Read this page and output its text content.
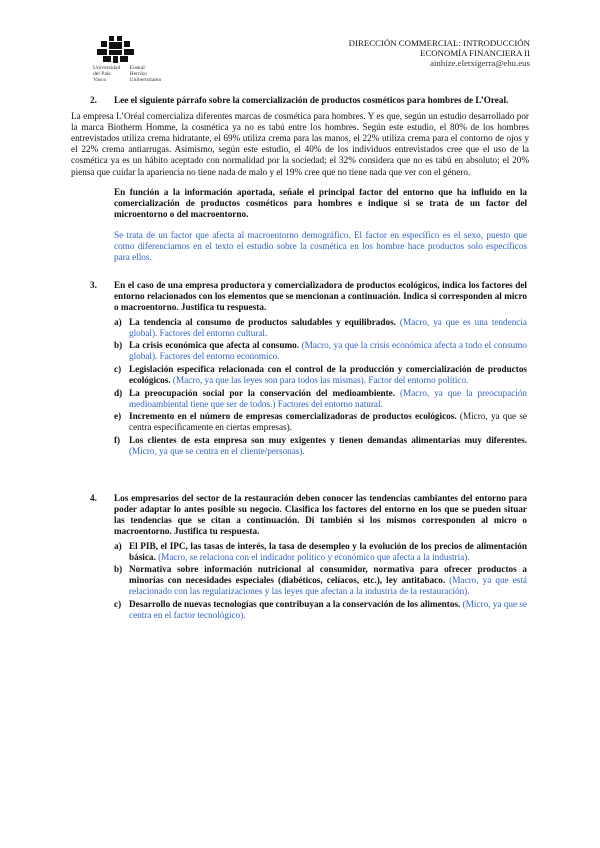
Universidad del País Vasco
Euskal Herriko Unibertsitatea
DIRECCIÓN COMMERCIAL: INTRODUCCIÓN
ECONOMÍA FINANCIERA II
ainhize.eletxigerra@ehu.eus
2.	Lee el siguiente párrafo sobre la comercialización de productos cosméticos para hombres de L’Oreal.

La empresa L’Oréal comercializa diferentes marcas de cosmética para hombres. Y es que, según un estudio desarrollado por la marca Biotherm Homme, la cosmética ya no es tabú entre los hombres. Según este estudio, el 80% de los hombres entrevistados utiliza crema hidratante, el 69% utiliza crema para las manos, el 22% utiliza crema para el contorno de ojos y el 22% crema antiarrugas. Asimismo, según este estudio, el 40% de los individuos entrevistados cree que el uso de la cosmética ya es un hábito aceptado con normalidad por la sociedad; el 32% considera que no es tabú en absoluto; el 20% piensa que cuidar la apariencia no tiene nada de malo y el 19% cree que no tiene nada que ver con el género.

En función a la información aportada, señale el principal factor del entorno que ha influido en la comercialización de productos cosméticos para hombres e indique si se trata de un factor del microentorno o del macroentorno.
Se trata de un factor que afecta al macroentorno demográfico. El factor en específico es el sexo, puesto que como diferenciamos en el texto el estudio sobre la cosmética en los hombre hace productos solo específicos para ellos.
3.	En el caso de una empresa productora y comercializadora de productos ecológicos, indica los factores del entorno relacionados con los elementos que se mencionan a continuación. Indica si corresponden al micro o macroentorno. Justifica tu respuesta.
a) La tendencia al consumo de productos saludables y equilibrados. (Macro, ya que es una tendencia global). Factores del entorno cultural.
b) La crisis económica que afecta al consumo. (Macro, ya que la crisis económica afecta a todo el consumo global). Factores del entorno economico.
c) Legislación específica relacionada con el control de la producción y comercialización de productos ecológicos. (Macro, ya que las leyes son para todos las mismas). Factor del entorno político.
d) La preocupación social por la conservación del medioambiente. (Macro, ya que la preocupación medioambiental tiene que ser de todos.) Factores del entorno natural.
e) Incremento en el número de empresas comercializadoras de productos ecológicos. (Micro, ya que se centra específicamente en ciertas empresas).
f) Los clientes de esta empresa son muy exigentes y tienen demandas alimentarias muy diferentes. (Micro, ya que se centra en el cliente/personas).
4.	Los empresarios del sector de la restauración deben conocer las tendencias cambiantes del entorno para poder adaptar lo antes posible su negocio. Clasifica los factores del entorno en los que se pueden situar las tendencias que se citan a continuación. Di también si los mismos corresponden al micro o macroentorno. Justifica tu respuesta.
a) El PIB, el IPC, las tasas de interés, la tasa de desempleo y la evolución de los precios de alimentación básica. (Macro, se relaciona con el indicador político y económico que afecta a la industria).
b) Normativa sobre información nutricional al consumidor, normativa para ofrecer productos a minorías con necesidades especiales (diabéticos, celíacos, etc.), ley antitabaco. (Macro, ya que está relacionado con las regularizaciones y las leyes que afectan a la industria de la restauración).
c) Desarrollo de nuevas tecnologías que contribuyan a la conservación de los alimentos. (Micro, ya que se centra en el factor tecnológico).
